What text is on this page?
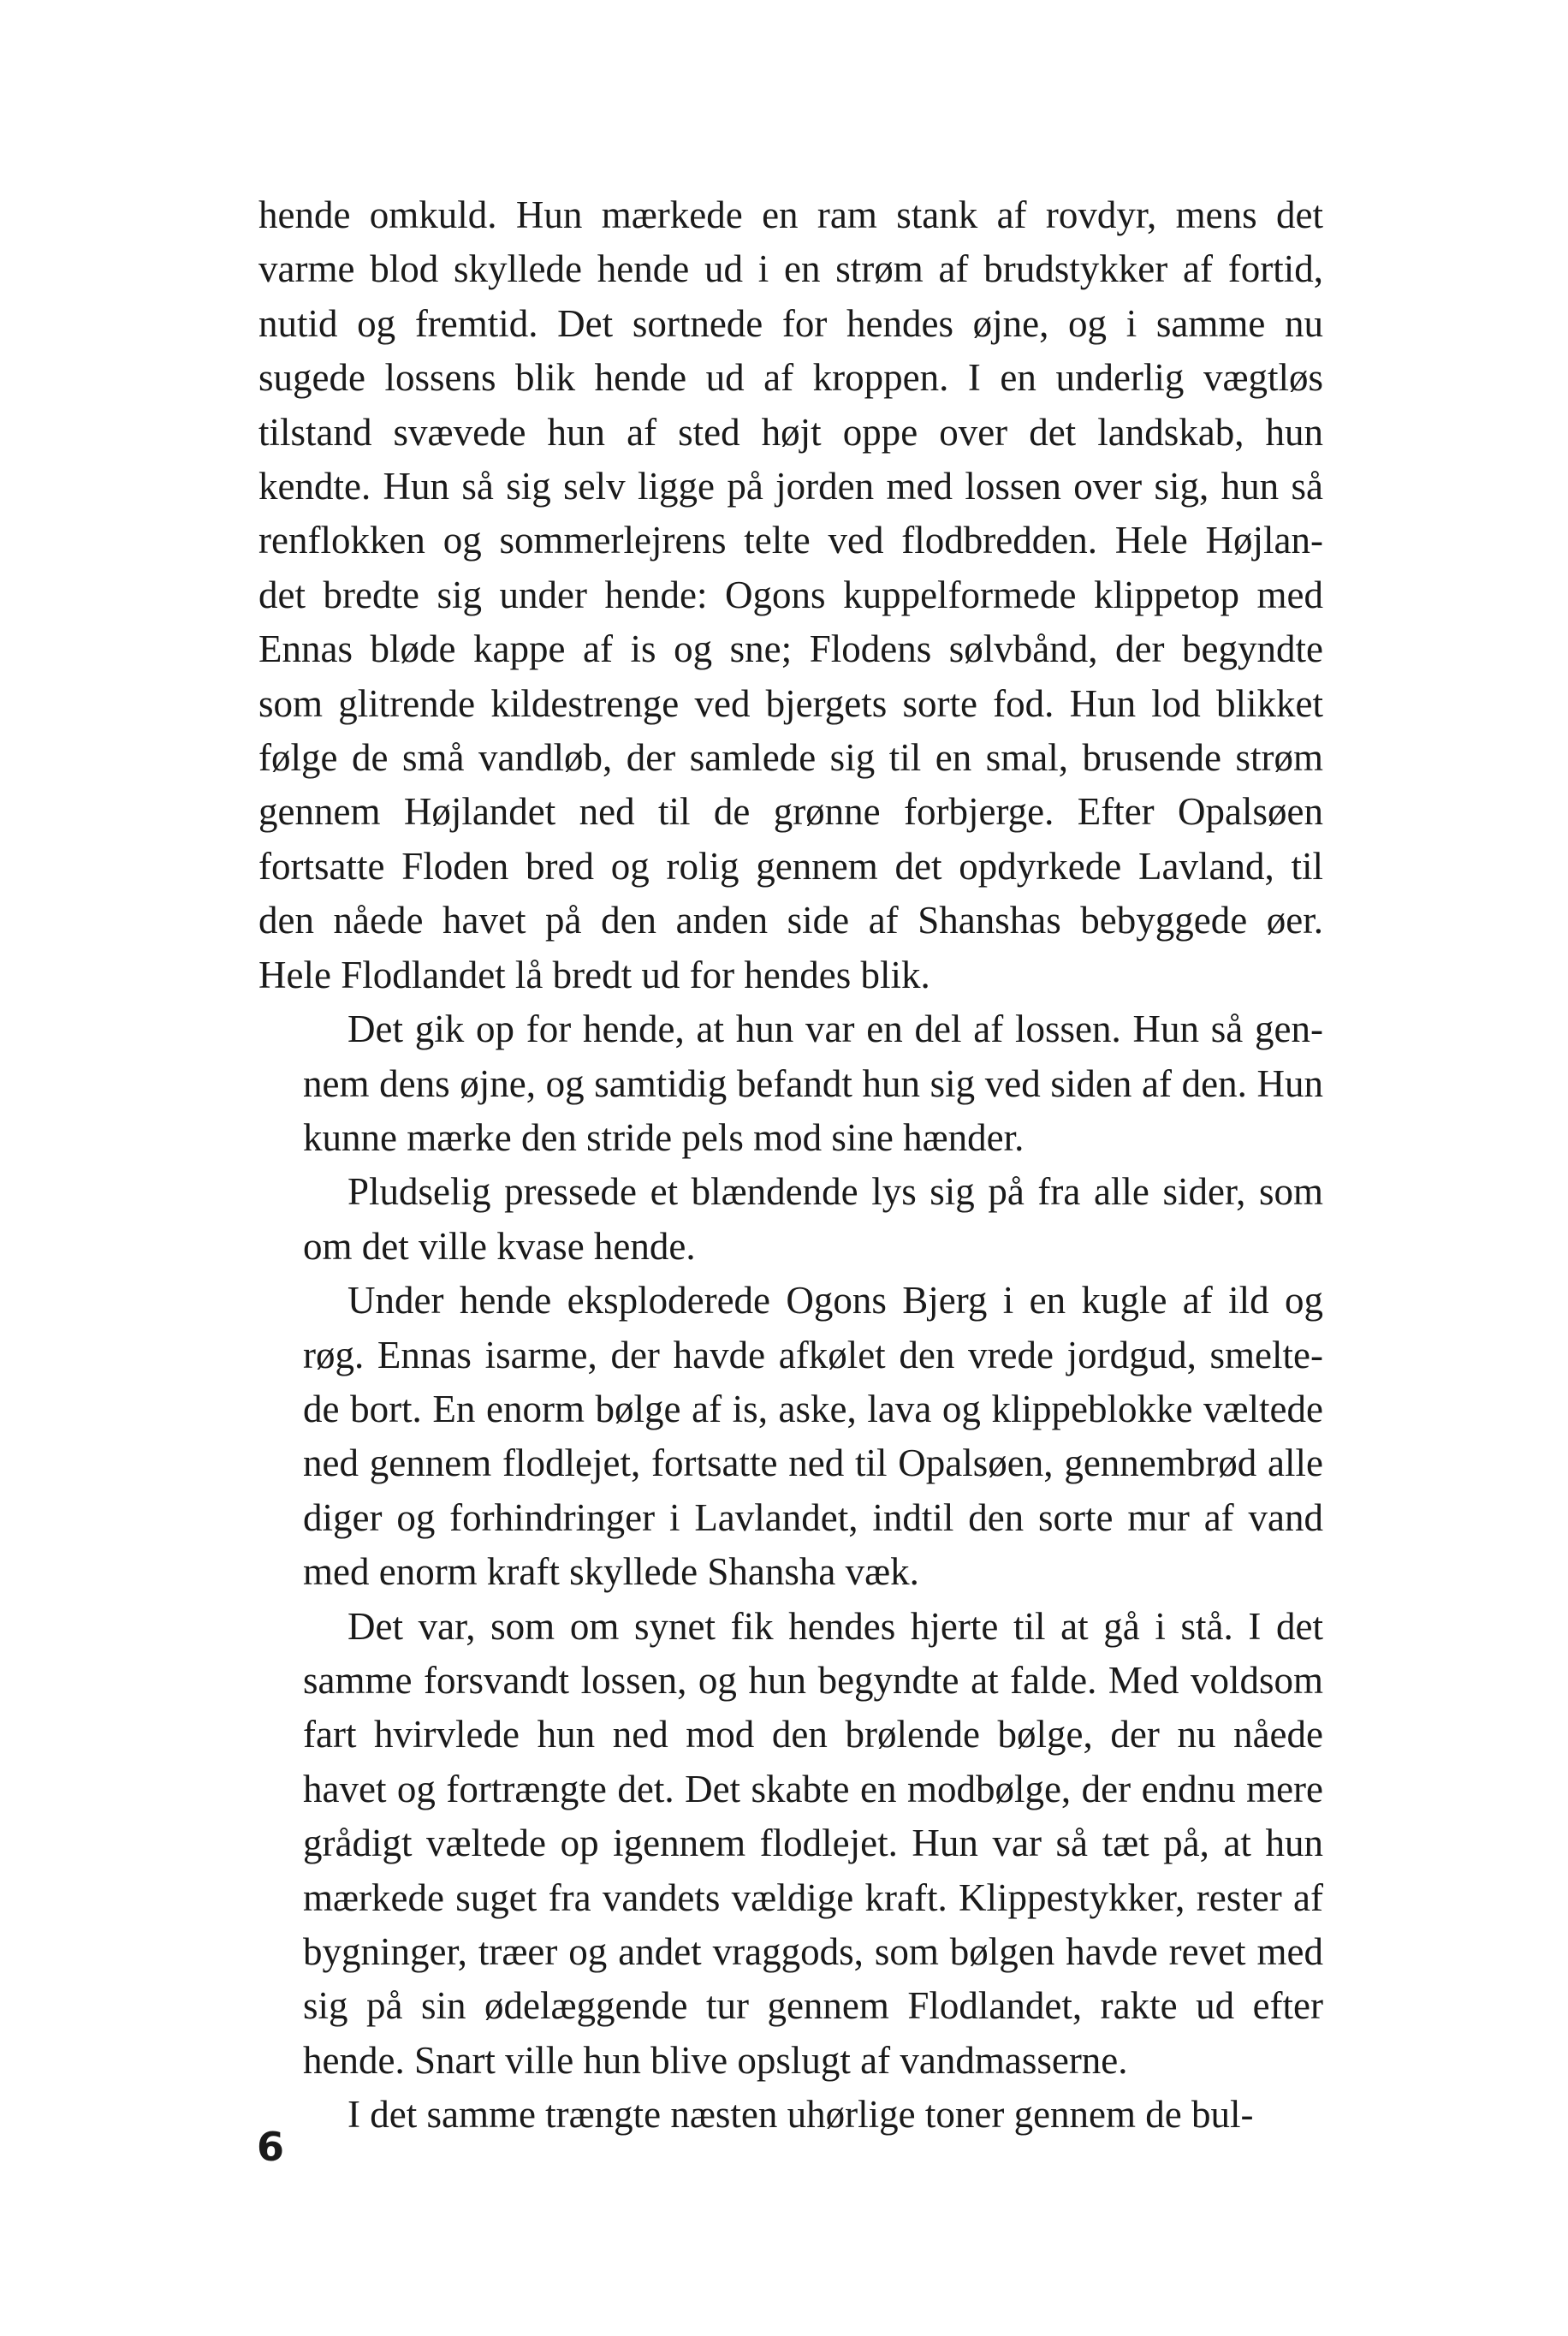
hende omkuld. Hun mærkede en ram stank af rovdyr, mens det
varme blod skyllede hende ud i en strøm af brudstykker af fortid,
nutid og fremtid. Det sortnede for hendes øjne, og i samme nu
sugede lossens blik hende ud af kroppen. I en underlig vægtløs
tilstand svævede hun af sted højt oppe over det landskab, hun
kendte. Hun så sig selv ligge på jorden med lossen over sig, hun så
renflokken og sommerlejrens telte ved flodbredden. Hele Højlan-
det bredte sig under hende: Ogons kuppelformede klippetop med
Ennas bløde kappe af is og sne; Flodens sølvbånd, der begyndte
som glitrende kildestrenge ved bjergets sorte fod. Hun lod blikket
følge de små vandløb, der samlede sig til en smal, brusende strøm
gennem Højlandet ned til de grønne forbjerge. Efter Opalsøen
fortsatte Floden bred og rolig gennem det opdyrkede Lavland, til
den nåede havet på den anden side af Shanshas bebyggede øer.
Hele Flodlandet lå bredt ud for hendes blik.
Det gik op for hende, at hun var en del af lossen. Hun så gen-
nem dens øjne, og samtidig befandt hun sig ved siden af den. Hun
kunne mærke den stride pels mod sine hænder.
Pludselig pressede et blændende lys sig på fra alle sider, som
om det ville kvase hende.
Under hende eksploderede Ogons Bjerg i en kugle af ild og
røg. Ennas isarme, der havde afkølet den vrede jordgud, smelte-
de bort. En enorm bølge af is, aske, lava og klippeblokke væltede
ned gennem flodlejet, fortsatte ned til Opalsøen, gennembrød alle
diger og forhindringer i Lavlandet, indtil den sorte mur af vand
med enorm kraft skyllede Shansha væk.
Det var, som om synet fik hendes hjerte til at gå i stå. I det
samme forsvandt lossen, og hun begyndte at falde. Med voldsom
fart hvirvlede hun ned mod den brølende bølge, der nu nåede
havet og fortrængte det. Det skabte en modbølge, der endnu mere
grådigt væltede op igennem flodlejet. Hun var så tæt på, at hun
mærkede suget fra vandets vældige kraft. Klippestykker, rester af
bygninger, træer og andet vraggods, som bølgen havde revet med
sig på sin ødelæggende tur gennem Flodlandet, rakte ud efter
hende. Snart ville hun blive opslugt af vandmasserne.
I det samme trængte næsten uhørlige toner gennem de bul-
6
